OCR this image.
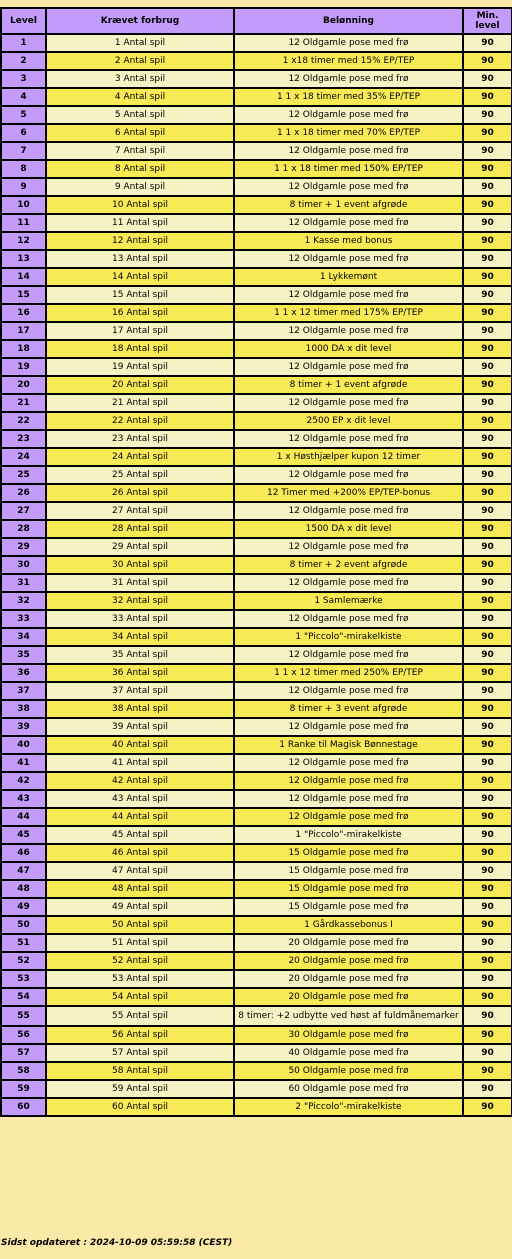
Level	Krævet forbrug	Belønning	Min. level
1	1 Antal spil	12 Oldgamle pose med frø	90
2	2 Antal spil	1 x18 timer med 15% EP/TEP	90
3	3 Antal spil	12 Oldgamle pose med frø	90
4	4 Antal spil	1 1 x 18 timer med 35% EP/TEP	90
5	5 Antal spil	12 Oldgamle pose med frø	90
6	6 Antal spil	1 1 x 18 timer med 70% EP/TEP	90
7	7 Antal spil	12 Oldgamle pose med frø	90
8	8 Antal spil	1 1 x 18 timer med 150% EP/TEP	90
9	9 Antal spil	12 Oldgamle pose med frø	90
10	10 Antal spil	8 timer + 1 event afgrøde	90
11	11 Antal spil	12 Oldgamle pose med frø	90
12	12 Antal spil	1 Kasse med bonus	90
13	13 Antal spil	12 Oldgamle pose med frø	90
14	14 Antal spil	1 Lykkemønt	90
15	15 Antal spil	12 Oldgamle pose med frø	90
16	16 Antal spil	1 1 x 12 timer med 175% EP/TEP	90
17	17 Antal spil	12 Oldgamle pose med frø	90
18	18 Antal spil	1000 DA x dit level	90
19	19 Antal spil	12 Oldgamle pose med frø	90
20	20 Antal spil	8 timer + 1 event afgrøde	90
21	21 Antal spil	12 Oldgamle pose med frø	90
22	22 Antal spil	2500 EP x dit level	90
23	23 Antal spil	12 Oldgamle pose med frø	90
24	24 Antal spil	1 x Høsthjælper kupon 12 timer	90
25	25 Antal spil	12 Oldgamle pose med frø	90
26	26 Antal spil	12 Timer med +200% EP/TEP-bonus	90
27	27 Antal spil	12 Oldgamle pose med frø	90
28	28 Antal spil	1500 DA x dit level	90
29	29 Antal spil	12 Oldgamle pose med frø	90
30	30 Antal spil	8 timer + 2 event afgrøde	90
31	31 Antal spil	12 Oldgamle pose med frø	90
32	32 Antal spil	1 Samlemærke	90
33	33 Antal spil	12 Oldgamle pose med frø	90
34	34 Antal spil	1 "Piccolo"-mirakelkiste	90
35	35 Antal spil	12 Oldgamle pose med frø	90
36	36 Antal spil	1 1 x 12 timer med 250% EP/TEP	90
37	37 Antal spil	12 Oldgamle pose med frø	90
38	38 Antal spil	8 timer + 3 event afgrøde	90
39	39 Antal spil	12 Oldgamle pose med frø	90
40	40 Antal spil	1 Ranke til Magisk Bønnestage	90
41	41 Antal spil	12 Oldgamle pose med frø	90
42	42 Antal spil	12 Oldgamle pose med frø	90
43	43 Antal spil	12 Oldgamle pose med frø	90
44	44 Antal spil	12 Oldgamle pose med frø	90
45	45 Antal spil	1 "Piccolo"-mirakelkiste	90
46	46 Antal spil	15 Oldgamle pose med frø	90
47	47 Antal spil	15 Oldgamle pose med frø	90
48	48 Antal spil	15 Oldgamle pose med frø	90
49	49 Antal spil	15 Oldgamle pose med frø	90
50	50 Antal spil	1 Gårdkassebonus I	90
51	51 Antal spil	20 Oldgamle pose med frø	90
52	52 Antal spil	20 Oldgamle pose med frø	90
53	53 Antal spil	20 Oldgamle pose med frø	90
54	54 Antal spil	20 Oldgamle pose med frø	90
55	55 Antal spil	8 timer: +2 udbytte ved høst af fuldmånemarker	90
56	56 Antal spil	30 Oldgamle pose med frø	90
57	57 Antal spil	40 Oldgamle pose med frø	90
58	58 Antal spil	50 Oldgamle pose med frø	90
59	59 Antal spil	60 Oldgamle pose med frø	90
60	60 Antal spil	2 "Piccolo"-mirakelkiste	90
Sidst opdateret : 2024-10-09 05:59:58 (CEST)
